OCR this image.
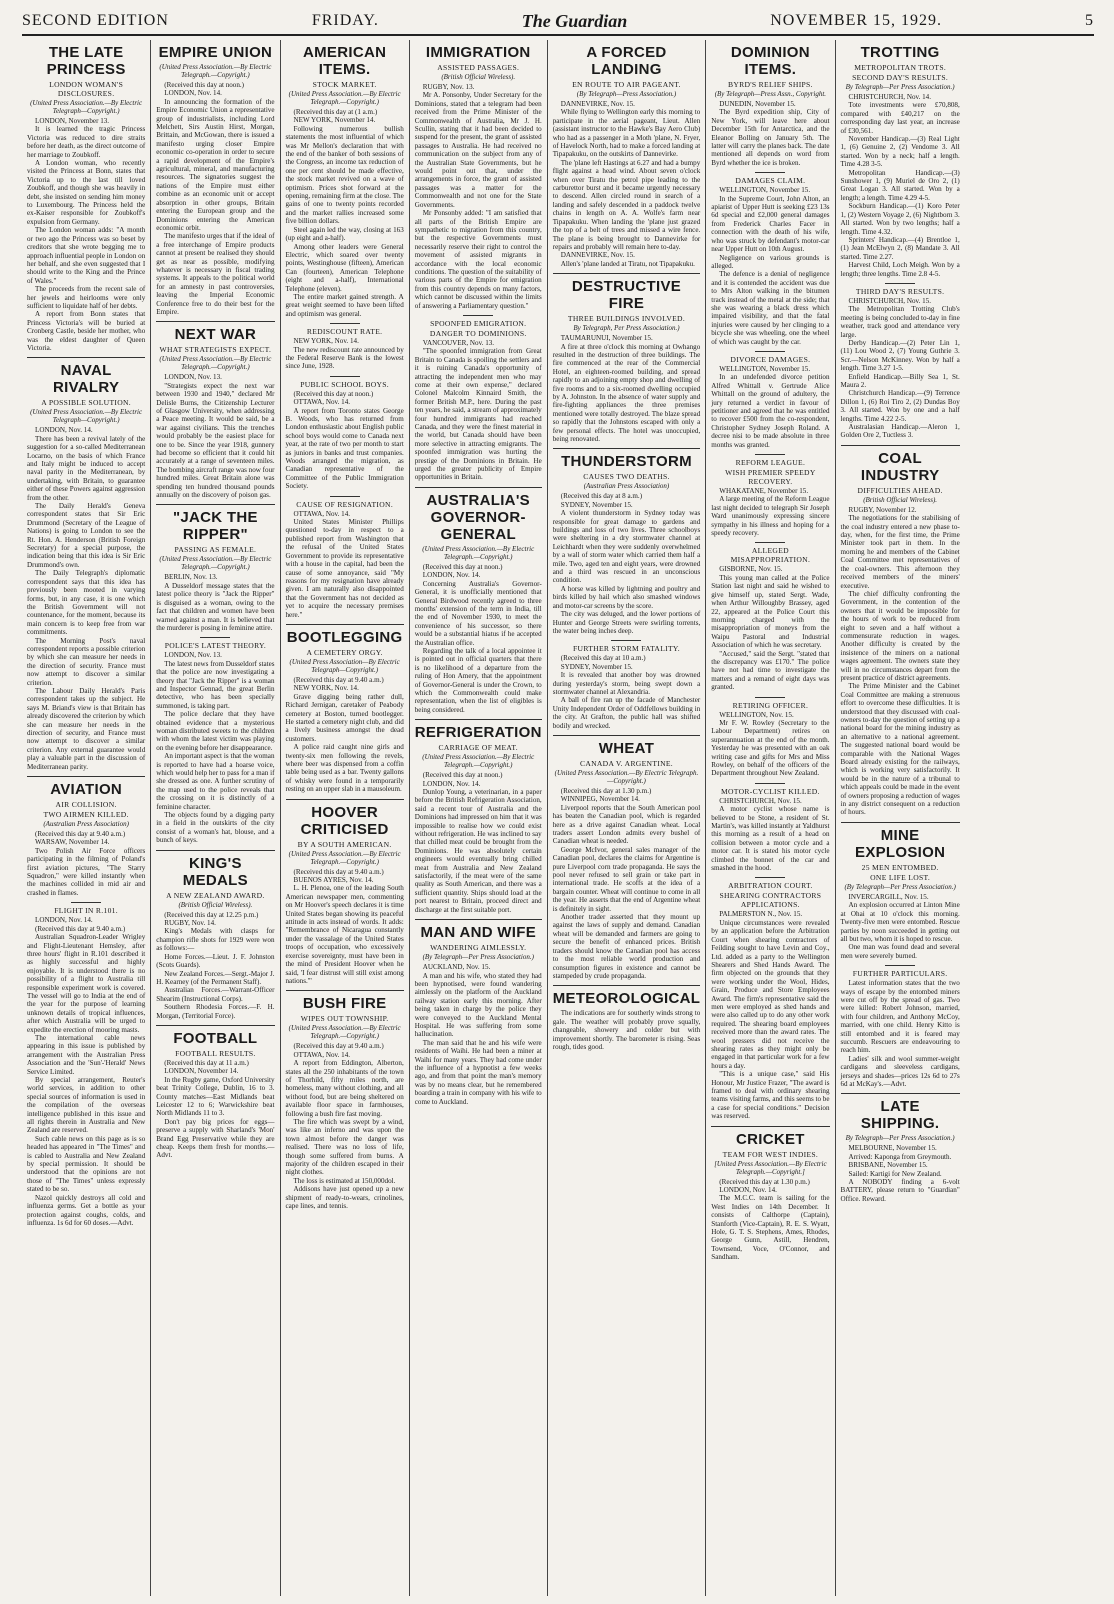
SECOND EDITION	FRIDAY.	The Guardian	NOVEMBER 15, 1929.	5
THE LATE PRINCESS
LONDON WOMAN'S DISCLOSURES.
(United Press Association.—By Electric Telegraph—Copyright.)

LONDON, November 13.

It is learned the tragic Princess Victoria was reduced to dire straits before her death, as the direct outcome of her marriage to Zoubkoff.

A London woman, who recently visited the Princess at Bonn, states that Victoria up to the last till loved Zoubkoff, and though she was heavily in debt, she insisted on sending him money to Luxembourg. The Princess held the ex-Kaiser responsible for Zoubkoff's expulsion from Germany.

The London woman adds: "A month or two ago the Princess was so beset by creditors that she wrote begging me to approach influential people in London on her behalf, and she even suggested that I should write to the King and the Prince of Wales."

The proceeds from the recent sale of her jewels and heirlooms were only sufficient to liquidate half of her debts.

A report from Bonn states that Princess Victoria's will be buried at Cronberg Castle, beside her mother, who was the eldest daughter of Queen Victoria.

NAVAL RIVALRY
A POSSIBLE SOLUTION.
(United Press Association.—By Electric Telegraph—Copyright.)

LONDON, Nov. 14.

There has been a revival lately of the suggestion for a so-called Mediterranean Locarno, on the basis of which France and Italy might be induced to accept naval parity in the Mediterranean, by undertaking, with Britain, to guarantee either of these Powers against aggression from the other.

The Daily Herald's Geneva correspondent states that Sir Eric Drummond (Secretary of the League of Nations) is going to London to see the Rt. Hon. A. Henderson (British Foreign Secretary) for a special purpose, the indication being that this idea is Sir Eric Drummond's own.

The Daily Telegraph's diplomatic correspondent says that this idea has previously been mooted in varying forms, but, in any case, it is one which the British Government will not countenance, for the moment, because its main concern is to keep free from war commitments.

The Morning Post's naval correspondent reports a possible criterion by which she can measure her needs in the direction of security. France must now attempt to discover a similar criterion.

The Labour Daily Herald's Paris correspondent takes up the subject. He says M. Briand's view is that Britain has already discovered the criterion by which she can measure her needs in the direction of security, and France must now attempt to discover a similar criterion. Any external guarantee would play a valuable part in the discussion of Mediterranean parity.

AVIATION
AIR COLLISION.
TWO AIRMEN KILLED.
(Australian Press Association)

(Received this day at 9.40 a.m.)

WARSAW, November 14.

Two Polish Air Force officers participating in the filming of Poland's first aviation pictures, "The Starry Squadron," were killed instantly when the machines collided in mid air and crashed in flames.

FLIGHT IN R.101.

LONDON, Nov. 14.

(Received this day at 9.40 a.m.)

Australian Squadron-Leader Wrigley and Flight-Lieutenant Hemsley, after three hours' flight in R.101 described it as highly successful and highly enjoyable. It is understood there is no possibility of a flight to Australia till responsible experiment work is covered. The vessel will go to India at the end of the year for the purpose of learning unknown details of tropical influences, after which Australia will be urged to expedite the erection of mooring masts.

The international cable news appearing in this issue is published by arrangement with the Australian Press Association and the 'Sun'-'Herald' News Service Limited.

By special arrangement, Reuter's world services, in addition to other special sources of information is used in the compilation of the overseas intelligence published in this issue and all rights therein in Australia and New Zealand are reserved.

Such cable news on this page as is so headed has appeared in "The Times" and is cabled to Australia and New Zealand by special permission. It should be understood that the opinions are not those of "The Times" unless expressly stated to be so.

Nazol quickly destroys all cold and influenza germs. Get a bottle as your protection against coughs, colds, and influenza. 1s 6d for 60 doses.—Advt.

EMPIRE UNION
(United Press Association.—By Electric Telegraph.—Copyright.)

(Received this day at noon.)

LONDON, Nov. 14.

In announcing the formation of the Empire Economic Union a representative group of industrialists, including Lord Melchett, Sirs Austin Hirst, Morgan, Brittain, and McGowan, there is issued a manifesto urging closer Empire economic co-operation in order to secure a rapid development of the Empire's agricultural, mineral, and manufacturing resources. The signatories suggest the nations of the Empire must either combine as an economic unit or accept absorption in other groups, Britain entering the European group and the Dominions entering the American economic orbit.

The manifesto urges that if the ideal of a free interchange of Empire products cannot at present be realised they should get as near as possible, modifying whatever is necessary in fiscal trading systems. It appeals to the political world for an amnesty in past controversies, leaving the Imperial Economic Conference free to do their best for the Empire.

NEXT WAR
WHAT STRATEGISTS EXPECT.
(United Press Association.—By Electric Telegraph.—Copyright.)

LONDON, Nov. 13.

"Strategists expect the next war between 1930 and 1940," declared Mr Delisle Burns, the Citizenship Lecturer of Glasgow University, when addressing a Peace meeting. It would be said, be a war against civilians. This the trenches would probably be the easiest place for one to be. Since the year 1918, gunnery had become so efficient that it could hit accurately at a range of seventeen miles. The bombing aircraft range was now four hundred miles. Great Britain alone was spending ten hundred thousand pounds annually on the discovery of poison gas.

"JACK THE RIPPER"
PASSING AS FEMALE.
(United Press Association.—By Electric Telegraph.—Copyright.)

BERLIN, Nov. 13.

A Dusseldorf message states that the latest police theory is "Jack the Ripper" is disguised as a woman, owing to the fact that children and women have been warned against a man. It is believed that the murderer is posing in feminine attire.

POLICE'S LATEST THEORY.

LONDON, Nov. 13.

The latest news from Dusseldorf states that the police are now investigating a theory that "Jack the Ripper" is a woman and Inspector Gennad, the great Berlin detective, who has been specially summoned, is taking part.

The police declare that they have obtained evidence that a mysterious woman distributed sweets to the children with whom the latest victim was playing on the evening before her disappearance.

An important aspect is that the woman is reported to have had a hoarse voice, which would help her to pass for a man if she dressed as one. A further scrutiny of the map used to the police reveals that the crossing on it is distinctly of a feminine character.

The objects found by a digging party in a field in the outskirts of the city consist of a woman's hat, blouse, and a bunch of keys.

KING'S MEDALS
A NEW ZEALAND AWARD.
(British Official Wireless).

(Received this day at 12.25 p.m.)

RUGBY, Nov. 14.

King's Medals with clasps for champion rifle shots for 1929 were won as follows:—

Home Forces.—Lieut. J. F. Johnston (Scots Guards).

New Zealand Forces.—Sergt.-Major J. H. Kearney (of the Permanent Staff).

Australian Forces.—Warrant-Officer Shearim (Instructional Corps).

Southern Rhodesia Forces.—F. H. Morgan, (Territorial Force).

FOOTBALL
FOOTBALL RESULTS.

(Received this day at 11 a.m.)

LONDON, November 14.

In the Rugby game, Oxford University beat Trinity College, Dublin, 16 to 3. County matches—East Midlands beat Leicester 12 to 6; Warwickshire beat North Midlands 11 to 3.

Don't pay big prices for eggs—preserve a supply with Sharland's 'Mon' Brand Egg Preservative while they are cheap. Keeps them fresh for months.—Advt.

AMERICAN ITEMS.
STOCK MARKET.
(United Press Association.—By Electric Telegraph.—Copyright.)

(Received this day at (1 a.m.)

NEW YORK, November 14.

Following numerous bullish statements the most influential of which was Mr Mellon's declaration that with the end of the banker of both sessions of the Congress, an income tax reduction of one per cent should be made effective, the stock market revived on a wave of optimism. Prices shot forward at the opening, remaining firm at the close. The gains of one to twenty points recorded and the market rallies increased some five billion dollars.

Steel again led the way, closing at 163 (up eight and a-half).

Among other leaders were General Electric, which soared over twenty points, Westinghouse (fifteen), American Can (fourteen), American Telephone (eight and a-half), International Telephone (eleven).

The entire market gained strength. A great weight seemed to have been lifted and optimism was general.

REDISCOUNT RATE.

NEW YORK, Nov. 14.

The new rediscount rate announced by the Federal Reserve Bank is the lowest since June, 1928.

PUBLIC SCHOOL BOYS.

(Received this day at noon.)

OTTAWA, Nov. 14.

A report from Toronto states George B. Woods, who has returned from London enthusiastic about English public school boys would come to Canada next year, at the rate of two per month to start as juniors in banks and trust companies. Woods arranged the migration, as Canadian representative of the Committee of the Public Immigration Society.

CAUSE OF RESIGNATION.

OTTAWA, Nov. 14.

United States Minister Phillips questioned to-day in respect to a published report from Washington that the refusal of the United States Government to provide its representative with a house in the capital, had been the cause of some annoyance, said "My reasons for my resignation have already given. I am naturally also disappointed that the Government has not decided as yet to acquire the necessary premises here."

BOOTLEGGING
A CEMETERY ORGY.
(United Press Association—By Electric Telegraph—Copyright.)

(Received this day at 9.40 a.m.)

NEW YORK, Nov. 14.

Grave digging being rather dull, Richard Jernigan, caretaker of Peabody cemetery at Boston, turned bootlegger. He started a cemetery night club, and did a lively business amongst the dead customers.

A police raid caught nine girls and twenty-six men following the revels, where beer was dispensed from a coffin table being used as a bar. Twenty gallons of whisky were found in a temporarily resting on an upper slab in a mausoleum.

HOOVER CRITICISED
BY A SOUTH AMERICAN.
(United Press Association.—By Electric Telegraph.—Copyright.)

(Received this day at 9.40 a.m.)

BUENOS AYRES, Nov. 14.

L. H. Plenoa, one of the leading South American newspaper men, commenting on Mr Hoover's speech declares it is time United States began showing its peaceful attitude in acts instead of words. It adds: "Remembrance of Nicaragua constantly under the vassalage of the United States troops of occupation, who excessively exercise sovereignty, must have been in the mind of President Hoover when he said, 'I fear distrust will still exist among nations.'"

BUSH FIRE
WIPES OUT TOWNSHIP.
(United Press Association.—By Electric Telegraph.—Copyright.)

(Received this day at 9.40 a.m.)

OTTAWA, Nov. 14.

A report from Eddington, Alberton, states all the 250 inhabitants of the town of Thorhild, fifty miles north, are homeless, many without clothing, and all without food, but are being sheltered on available floor space in farmhouses, following a bush fire fast moving.

The fire which was swept by a wind, was like an inferno and was upon the town almost before the danger was realised. There was no loss of life, though some suffered from burns. A majority of the children escaped in their night clothes.

The loss is estimated at 150,000dol.

Addisons have just opened up a new shipment of ready-to-wears, crinolines, cape lines, and tennis.

IMMIGRATION
ASSISTED PASSAGES.
(British Official Wireless).

RUGBY, Nov. 13.

Mr A. Ponsonby, Under Secretary for the Dominions, stated that a telegram had been received from the Prime Minister of the Commonwealth of Australia, Mr J. H. Scullin, stating that it had been decided to suspend for the present, the grant of assisted passages to Australia. He had received no communication on the subject from any of the Australian State Governments, but he would point out that, under the arrangements in force, the grant of assisted passages was a matter for the Commonwealth and not one for the State Governments.

Mr Ponsonby added: "I am satisfied that all parts of the British Empire are sympathetic to migration from this country, but the respective Governments must necessarily reserve their right to control the movement of assisted migrants in accordance with the local economic conditions. The question of the suitability of various parts of the Empire for emigration from this country depends on many factors, which cannot be discussed within the limits of answering a Parliamentary question."

SPOONFED EMIGRATION.
DANGER TO DOMINIONS.

VANCOUVER, Nov. 13.

"The spoonfed immigration from Great Britain to Canada is spoiling the settlers and it is ruining Canada's opportunity of attracting the independent men who may come at their own expense," declared Colonel Malcolm Kinnaird Smith, the former British M.P., here. During the past ten years, he said, a stream of approximately four hundred immigrants had reached Canada, and they were the finest material in the world, but Canada should have been more selective in attracting emigrants. The spoonfed immigration was hurting the prestige of the Dominions in Britain. He urged the greater publicity of Empire opportunities in Britain.

AUSTRALIA'S GOVERNOR-GENERAL
(United Press Association.—By Electric Telegraph.—Copyright.)

(Received this day at noon.)

LONDON, Nov. 14.

Concerning Australia's Governor-General, it is unofficially mentioned that General Birdwood recently agreed to three months' extension of the term in India, till the end of November 1930, to meet the convenience of his successor, so there would be a substantial hiatus if he accepted the Australian office.

Regarding the talk of a local appointee it is pointed out in official quarters that there is no likelihood of a departure from the ruling of Hon Amery, that the appointment of Governor-General is under the Crown, to which the Commonwealth could make representation, when the list of eligibles is being considered.

REFRIGERATION
CARRIAGE OF MEAT.
(United Press Association.—By Electric Telegraph.—Copyright.)

(Received this day at noon.)

LONDON, Nov. 14.

Dunlop Young, a veterinarian, in a paper before the British Refrigeration Association, said a recent tour of Australia and the Dominions had impressed on him that it was impossible to realise how we could exist without refrigeration. He was inclined to say that chilled meat could be brought from the Dominions. He was absolutely certain engineers would eventually bring chilled meat from Australia and New Zealand satisfactorily, if the meat were of the same quality as South American, and there was a sufficient quantity. Ships should load at the port nearest to Britain, proceed direct and discharge at the first suitable port.

MAN AND WIFE
WANDERING AIMLESSLY.
(By Telegraph—Per Press Association.)

AUCKLAND, Nov. 15.

A man and his wife, who stated they had been hypnotised, were found wandering aimlessly on the platform of the Auckland railway station early this morning. After being taken in charge by the police they were conveyed to the Auckland Mental Hospital. He was suffering from some hallucination.

The man said that he and his wife were residents of Waihi. He had been a miner at Waihi for many years. They had come under the influence of a hypnotist a few weeks ago, and from that point the man's memory was by no means clear, but he remembered boarding a train in company with his wife to come to Auckland.

A FORCED LANDING
EN ROUTE TO AIR PAGEANT.
(By Telegraph—Press Association.)

DANNEVIRKE, Nov. 15.

While flying to Wellington early this morning to participate in the aerial pageant, Lieut. Allen (assistant instructor to the Hawke's Bay Aero Club) who had as a passenger in a Moth 'plane, N. Fryer, of Havelock North, had to make a forced landing at Tipapakuku, on the outskirts of Dannevirke.

The 'plane left Hastings at 6.27 and had a bumpy flight against a head wind. About seven o'clock when over Tiratu the petrol pipe leading to the carburettor burst and it became urgently necessary to descend. Allen circled round in search of a landing and safely descended in a paddock twelve chains in length on A. A. Wolfe's farm near Tipapakuku. When landing the 'plane just grazed the top of a belt of trees and missed a wire fence. The plane is being brought to Dannevirke for repairs and probably will remain here to-day.

DANNEVIRKE, Nov. 15.

Allen's 'plane landed at Tiratu, not Tipapakuku.

DESTRUCTIVE FIRE
THREE BUILDINGS INVOLVED.
By Telegraph, Per Press Association.)

TAUMARUNUI, November 15.

A fire at three o'clock this morning at Owhango resulted in the destruction of three buildings. The fire commenced at the rear of the Commercial Hotel, an eighteen-roomed building, and spread rapidly to an adjoining empty shop and dwelling of five rooms and to a six-roomed dwelling occupied by A. Johnston. In the absence of water supply and fire-fighting appliances the three premises mentioned were totally destroyed. The blaze spread so rapidly that the Johnstons escaped with only a few personal effects. The hotel was unoccupied, being renovated.

THUNDERSTORM
CAUSES TWO DEATHS.
(Australian Press Association)

(Received this day at 8 a.m.)

SYDNEY, November 15.

A violent thunderstorm in Sydney today was responsible for great damage to gardens and buildings and loss of two lives. Three schoolboys were sheltering in a dry stormwater channel at Leichhardt when they were suddenly overwhelmed by a wall of storm water which carried them half a mile. Two, aged ten and eight years, were drowned and a third was rescued in an unconscious condition.

A horse was killed by lightning and poultry and birds killed by hail which also smashed windows and motor-car screens by the score.

The city was deluged, and the lower portions of Hunter and George Streets were swirling torrents, the water being inches deep.

FURTHER STORM FATALITY.

(Received this day at 10 a.m.)

SYDNEY, November 15.

It is revealed that another boy was drowned during yesterday's storm, being swept down a stormwater channel at Alexandria.

A ball of fire ran up the facade of Manchester Unity Independent Order of Oddfellows building in the city. At Grafton, the public hall was shifted bodily and wrecked.

WHEAT
CANADA V. ARGENTINE.
(United Press Association.—By Electric Telegraph.—Copyright.)

(Received this day at 1.30 p.m.)

WINNIPEG, November 14.

Liverpool reports that the South American pool has beaten the Canadian pool, which is regarded here as a drive against Canadian wheat. Local traders assert London admits every bushel of Canadian wheat is needed.

George McIvor, general sales manager of the Canadian pool, declares the claims for Argentine is pure Liverpool corn trade propaganda. He says the pool never refused to sell grain or take part in international trade. He scoffs at the idea of a bargain counter. Wheat will continue to come in all the year. He asserts that the end of Argentine wheat is definitely in sight.

Another trader asserted that they mount up against the laws of supply and demand. Canadian wheat will be demanded and farmers are going to secure the benefit of enhanced prices. British traders should know the Canadian pool has access to the most reliable world production and consumption figures in existence and cannot be stampeded by crude propaganda.

METEOROLOGICAL

The indications are for southerly winds strong to gale. The weather will probably prove squally, changeable, showery and colder but with improvement shortly. The barometer is rising. Seas rough, tides good.

DOMINION ITEMS.
BYRD'S RELIEF SHIPS.
(By Telegraph—Press Assn., Copyright.

DUNEDIN, November 15.

The Byrd expedition ship, City of New York, will leave here about December 15th for Antarctica, and the Eleanor Bolling on January 5th. The latter will carry the planes back. The date mentioned all depends on word from Byrd whether the ice is broken.

DAMAGES CLAIM.

WELLINGTON, November 15.

In the Supreme Court, John Alton, an apiarist of Upper Hutt is seeking £23 13s 6d special and £2,000 general damages from Frederick Charles Facer in connection with the death of his wife, who was struck by defendant's motor-car near Upper Hutt on 10th August.

Negligence on various grounds is alleged.

The defence is a denial of negligence and it is contended the accident was due to Mrs Alton walking in the bitumen track instead of the metal at the side; that she was wearing a black dress which impaired visibility, and that the fatal injuries were caused by her clinging to a bicycle she was wheeling, one the wheel of which was caught by the car.

DIVORCE DAMAGES.

WELLINGTON, November 15.

In an undefended divorce petition Alfred Whittall v. Gertrude Alice Whittall on the ground of adultery, the jury returned a verdict in favour of petitioner and agreed that he was entitled to recover £500 from the co-respondent, Christopher Sydney Joseph Roland. A decree nisi to be made absolute in three months was granted.

REFORM LEAGUE.
WISH PREMIER SPEEDY RECOVERY.

WHAKATANE, November 15.

A large meeting of the Reform League last night decided to telegraph Sir Joseph Ward unanimously expressing sincere sympathy in his illness and hoping for a speedy recovery.

ALLEGED MISAPPROPRIATION.

GISBORNE, Nov. 15.

This young man called at the Police Station last night and said he wished to give himself up, stated Sergt. Wade, when Arthur Willoughby Brassey, aged 22, appeared at the Police Court this morning charged with the misappropriation of moneys from the Waipu Pastoral and Industrial Association of which he was secretary.

"Accused," said the Sergt. "stated that the discrepancy was £170." The police have not had time to investigate the matters and a remand of eight days was granted.

RETIRING OFFICER.

WELLINGTON, Nov. 15.

Mr F. W. Rowley (Secretary to the Labour Department) retires on superannuation at the end of the month. Yesterday he was presented with an oak writing case and gifts for Mrs and Miss Rowley, on behalf of the officers of the Department throughout New Zealand.

MOTOR-CYCLIST KILLED.

CHRISTCHURCH, Nov. 15.

A motor cyclist whose name is believed to be Stone, a resident of St. Martin's, was killed instantly at Yaldhurst this morning as a result of a head on collision between a motor cycle and a motor car. It is stated his motor cycle climbed the bonnet of the car and smashed in the hood.

ARBITRATION COURT.
SHEARING CONTRACTORS APPLICATIONS.

PALMERSTON N., Nov. 15.

Unique circumstances were revealed by an application before the Arbitration Court when shearing contractors of Feilding sought to have Levin and Coy., Ltd. added as a party to the Wellington Shearers and Shed Hands Award. The firm objected on the grounds that they were working under the Wool, Hides, Grain, Produce and Store Employees Award. The firm's representative said the men were employed as shed hands and were also called up to do any other work required. The shearing board employees received more than the award rates. The wool pressers did not receive the shearing rates as they might only be engaged in that particular work for a few hours a day.

"This is a unique case," said His Honour, Mr Justice Frazer, "The award is framed to deal with ordinary shearing teams visiting farms, and this seems to be a case for special conditions." Decision was reserved.

CRICKET
TEAM FOR WEST INDIES.
[United Press Association.—By Electric Telegraph.—Copyright.]

(Received this day at 1.30 p.m.)

LONDON, Nov. 14.

The M.C.C. team is sailing for the West Indies on 14th December. It consists of Calthorpe (Captain), Stanforth (Vice-Captain), R. E. S. Wyatt, Hole, G. T. S. Stephens, Ames, Rhodes, George Gunn, Astill, Hendren, Townsend, Voce, O'Connor, and Sandham.

TROTTING
METROPOLITAN TROTS.
SECOND DAY'S RESULTS.
By Telegraph—Per Press Association.)

CHRISTCHURCH, Nov. 14.

Tote investments were £70,808, compared with £40,217 on the corresponding day last year, an increase of £30,561.

November Handicap.—(3) Real Light 1, (6) Genuine 2, (2) Vendome 3. All started. Won by a neck; half a length. Time 4.28 3-5.

Metropolitan Handicap.—(3) Sunshower 1, (9) Muriel de Oro 2, (1) Great Logan 3. All started. Won by a length; a length. Time 4.29 4-5.

Sockburn Handicap.—(1) Koro Peter 1, (2) Western Voyage 2, (6) Nightborn 3. All started. Won by two lengths; half a length. Time 4.32.

Sprinters' Handicap.—(4) Brentloe 1, (1) Jean McElwyn 2, (8) Mandate 3. All started. Time 2.27.

Harvest Child, Loch Meigh. Won by a length; three lengths. Time 2.8 4-5.

THIRD DAY'S RESULTS.

CHRISTCHURCH, Nov. 15.

The Metropolitan Trotting Club's meeting is being concluded to-day in fine weather, track good and attendance very large.

Derby Handicap.—(2) Peter Lin 1, (11) Lou Wood 2, (7) Young Guthrie 3. Scr.—Nelson McKinney. Won by half a length. Time 3.27 1-5.

Enfield Handicap.—Billy Sea 1, St. Maura 2.

Christchurch Handicap.—(9) Terrence Dillon 1, (6) Roi Tiro 2, (2) Dundas Boy 3. All started. Won by one and a half lengths. Time 4.22 2-5.

Australasian Handicap.—Aleron 1, Golden Ore 2, Tuctless 3.

COAL INDUSTRY
DIFFICULTIES AHEAD.
(British Official Wireless).

RUGBY, November 12.

The negotiations for the stabilising of the coal industry entered a new phase to-day, when, for the first time, the Prime Minister took part in them. In the morning he and members of the Cabinet Coal Committee met representatives of the coal-owners. This afternoon they received members of the miners' executive.

The chief difficulty confronting the Government, in the contention of the owners that it would be impossible for the hours of work to be reduced from eight to seven and a half without a commensurate reduction in wages. Another difficulty is created by the insistence of the miners on a national wages agreement. The owners state they will in no circumstances depart from the present practice of district agreements.

The Prime Minister and the Cabinet Coal Committee are making a strenuous effort to overcome these difficulties. It is understood that they discussed with coal-owners to-day the question of setting up a national board for the mining industry as an alternative to a national agreement. The suggested national board would be comparable with the National Wages Board already existing for the railways, which is working very satisfactorily. It would be in the nature of a tribunal to which appeals could be made in the event of owners proposing a reduction of wages in any district consequent on a reduction of hours.

MINE EXPLOSION
25 MEN ENTOMBED.
ONE LIFE LOST.
(By Telegraph—Per Press Association.)

INVERCARGILL, Nov. 15.

An explosion occurred at Linton Mine at Ohai at 10 o'clock this morning. Twenty-five men were entombed. Rescue parties by noon succeeded in getting out all but two, whom it is hoped to rescue.

One man was found dead and several men were severely burned.

FURTHER PARTICULARS.

Latest information states that the two ways of escape by the entombed miners were cut off by the spread of gas. Two were killed: Robert Johnson, married, with four children, and Anthony McCoy, married, with one child. Henry Kitto is still entombed and it is feared may succumb. Rescuers are endeavouring to reach him.

Ladies' silk and wool summer-weight cardigans and sleeveless cardigans, jerseys and shades—prices 12s 6d to 27s 6d at McKay's.—Advt.

LATE SHIPPING.
By Telegraph—Per Press Association.)

MELBOURNE, November 15.

Arrived: Kaponga from Greymouth.

BRISBANE, November 15.

Sailed: Kartigi for New Zealand.

A NOBODY finding a 6-volt BATTERY, please return to "Guardian" Office. Reward.
